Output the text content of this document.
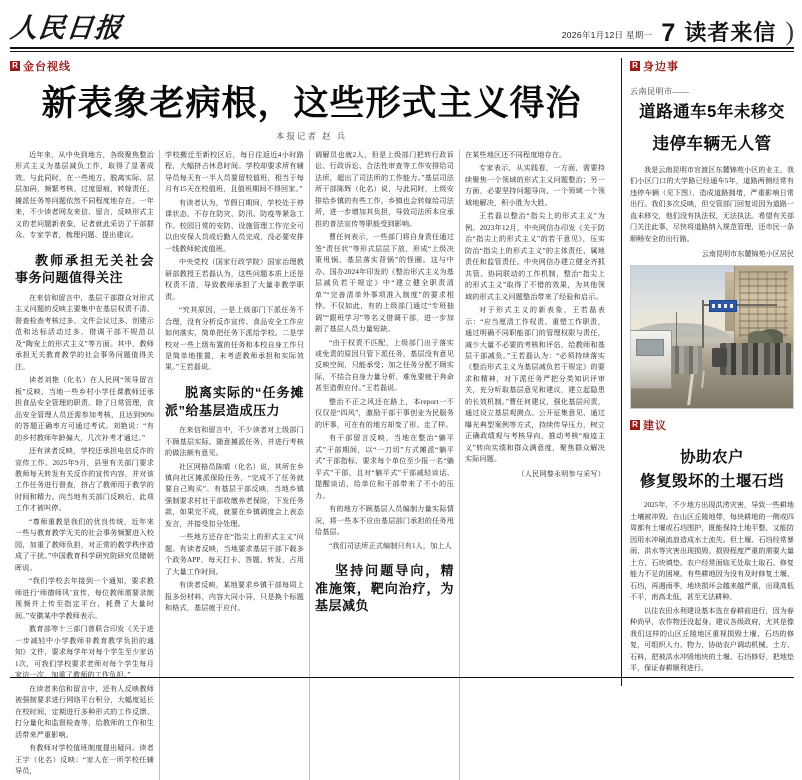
人民日报	2026年1月12日 星期一 7 读者来信 )
R 金台视线
新表象老病根，这些形式主义得治
本报记者 赵 兵

近年来，从中央到地方，各级聚焦整治形式主义为基层减负工作，取得了显著成效。与此同时，在一些地方，脱离实际、层层加码，频繁考核、过度留痕，转嫁责任、摊派任务等问题依然不同程度地存在。一年来，不少读者网友来信、留言，反映形式主义的老问题新表象，记者就此采访了干部群众、专家学者，梳理问题、提出建议。

教师承担无关社会事务问题值得关注

在来信和留言中，基层干部群众对形式主义问题的反映主要集中在基层权责不清、督查检查考核过多、文件会议过多、创建示范和达标活动过多、借调干部不规范以及“陶宠上的形式主义”等方面。其中，教师承担无关教育教学的社会事务问题值得关注。

读者刘艳（化名）在人民网“领导留言板”反映，当地一些乡村小学任课教师还承担食品安全管理的职责。除了日常管理，食品安全管理人员还需参加考核，且达到90%的答题正确率方可通过考试。刘艳说：“有的乡村教师年龄偏大，几次补考才通过。”

还有读者反映，学校还承担电信反诈的宣传工作。2025年9月，县里有关部门要求教师每天转发有关反诈的宣传内容，并对该工作任务进行督查，挤占了教师用于教学的时间和精力。向当地有关部门反映后，此项工作才被叫停。

“尊师重教是我们的优良传统，近年来一些与教育教学无关的社会事务频繁进入校园，加重了教师负担，对正常的教学秩序造成了干扰。”中国教育科学研究院研究员储朝晖说。

“我们学校去年接到一个通知，要求教师进行‘师德师风’宣传，每位教师需要录制视频并上传至指定平台，耗费了大量时间。”安徽某中学教师表示。

教育部等十三部门曾联合印发《关于进一步减轻中小学教师非教育教学负担的通知》文件，要求每学年对每个学生至少家访1次，可我们学校要求老师对每个学生每月家访一次，加重了教师的工作负担。”

在读者来信和留言中，还有人反映教师被强制要求进行网络平台积分，大幅度延长在校时间，定期进行多种形式的工作反馈、打分量化和监督检查等，给教师的工作和生活带来严重影响。

有教师对学校值班制度提出疑问。读者王宇（化名）反映：“家人在一所学校任辅导员，

学校搬迁至新校区后，每日往返近4小时路程，大幅挤占休息时间。学校却要求所有辅导员每天有一半人员要留校值班，相当于每月有15天在校值班，且值班期间不得回家。”

有读者认为，节假日期间，学校处于停课状态，不存在防灾、防汛、防疫等紧急工作。校园日常的安防、设施管理工作完全可以由安保人员或后勤人员完成，没必要安排一线教师轮流值班。

中央党校（国家行政学院）国家治理教研部教授王若磊认为，这些问题本质上还是权责不清，导致教师承担了大量非教学职责。

“究其原因，一是上级部门下派任务不合理，没有分析反诈宣传、食品安全工作应如何落实，简单把任务下派给学校。二是学校对一些上级布置的任务和本校自身工作只是简单地推置，未考虑教师承担和实际效果。”王若磊说。

脱离实际的“任务摊派”给基层造成压力

在来信和留言中，不少读者对上级部门不顾基层实际、随意摊派任务，并进行考核的做法颇有意见。

社区网格员陈晴（化名）说，其所在乡镇向社区摊派保险任务，“完成不了任务就要自己购买”。有基层干部反映，当地乡镇强制要求村社干部收缴养老保险，下发任务款，如果完不成，就要在乡镇调度会上表态发言，并接受扣分处理。

一些地方还存在“指尖上的形式主义”问题。有读者反映，当地要求基层干部下载多个政务APP，每天打卡、答题、转发，占用了大量工作时间。

有读者反映，某地要求乡镇干部每周上报多份材料，内容大同小异，只是换个标题和格式，基层疲于应付。

调解员也就2人，但是上级部门把转行政诉讼、行政诉讼、合法性审查等工作安排给司法所，超出了司法所的工作能力。”基层司法所干部陈辉（化名）说，与此同时，上级安排给乡镇的有些工作，乡镇也会转嫁给司法所，进一步增加其负担，导致司法所本应承担的普法宣传等职能受到影响。

曹任何表示，一些部门将自身责任通过签“责任状”等形式层层下放，形成“上级决策甩锅、基层落实背锅”的怪圈。这与中办、国办2024年印发的《整治形式主义为基层减负若干规定》中“建立健全职责清单”“完善清单外事项准入制度”的要求相悖。不仅如此，有的上级部门通过“专班抽调”“跟班学习”等名义借调干部，进一步加剧了基层人员力量短缺。

“由于权责不匹配，上级部门出于落实或免责的原因只管下派任务，基层没有意见反映空间，只能承受；加之任务分配不顾实际，不结合自身力量分析，难免要疲于奔命甚至造假应付。”王若磊说。

整治不正之风还在路上，本report一不仅仅是“四风”，激励干部干事创业为民服务的评事，可在有的地方却变了形、走了样。

有干部留言反映，当地在整治“躺平式”干部期间，以“一刀切”方式摊派“躺平式”干部指标，要求每个单位至少报一名“躺平式”干部，且对“躺平式”干部减轻谈话、提醒谈话，给单位和干部带来了不小的压力。

有的地方不顾基层人员编制力量实际情况，将一些本不应由基层部门承担的任务甩给基层。

“我们司法所正式编制只有1人，加上人

坚持问题导向，精准施策，靶向治疗，为基层减负

在某些地区还不同程度地存在。

专家表示，从实践看，一方面，需要持续聚焦一个领域的形式主义问题整治；另一方面，必要坚持问题导向，一个领域一个领域地解决，积小胜为大胜。

王若磊以整治“指尖上的形式主义”为例。2023年12月，中央网信办印发《关于防治“指尖上的形式主义”的若干意见》，压实防治“指尖上的形式主义”的主体责任、属地责任和监管责任。中央网信办建立健全齐抓共管、协同联动的工作机制，整治“指尖上的形式主义”取得了不错的效果，为其他领域的形式主义问题整治带来了经验和启示。

对于形式主义的新表象，王若磊表示：“应当厘清工作权责、重塑工作职责，通过明确不同职能部门的管理权限与责任，减少大量不必要的考核和评估，给教师和基层干部减负。”王若磊认为：“必须持续落实《整治形式主义为基层减负若干规定》的要求和精神，对下派任务严把分类知识评审关，充分听取基层意见和建议，建立起隐患的长效机制。”曹任何建议，强化基层问责，通过设立基层观测点、公开征集意见、通过曝光典型案例等方式，持续传导压力，树立正确政绩观与考核导向，推动考核“痕迹主义”转向实绩和群众满意度，聚焦群众解决实际问题。

（人民网黎永明参与采写）

R 身边事
云南昆明市——
道路通车5年未移交
违停车辆无人管

我是云南昆明市官渡区东麓锦苑小区的业主，我们小区门口的大学路已经通车5年，道路两侧经常有违停车辆（见下图），造成道路拥堵，严重影响日常出行。我们多次反映，但交管部门回复说因为道路一直未移交，他们没有执法权，无法执法。希望有关部门关注此事，尽快将道路纳入规范管理，还市民一条顺畅安全的出行路。

云南昆明市东麓锦苑小区居民

R 建议
协助农户
修复毁坏的土堰石垱

2025年，不少地方出现洪涝灾害，导致一些耕地土壤被冲毁。在山区丘陵地带，每块耕地的一侧或四周都有土堰或石垱围护，既能保持土地平整，又能防因用水冲刷流浪造成水土流失。但土堰、石垱经常暴雨、洪水等灾害出现损毁。损毁程度严重的需要大量土方、石块填垫。农户经常面临无处取土取石、修复能力不足的困境。有些耕地因为没有及时修复土堰、石垱，再遇雨季，地块损坏会越来越严重，出现高低不平，南高北低，甚至无法耕种。

以往农田水利建设基本选在春耕前进行，因为春种尚早，农作物还没起身。建议各级政府，尤其是像我们这样的山区丘陵地区重视损毁土堰、石垱的修复，可组织人力、物力，协助农户调动机械、土方、石料，把被洪水冲毁地块的土堰、石垱修好，把地垫平，保证春耕顺利进行。
